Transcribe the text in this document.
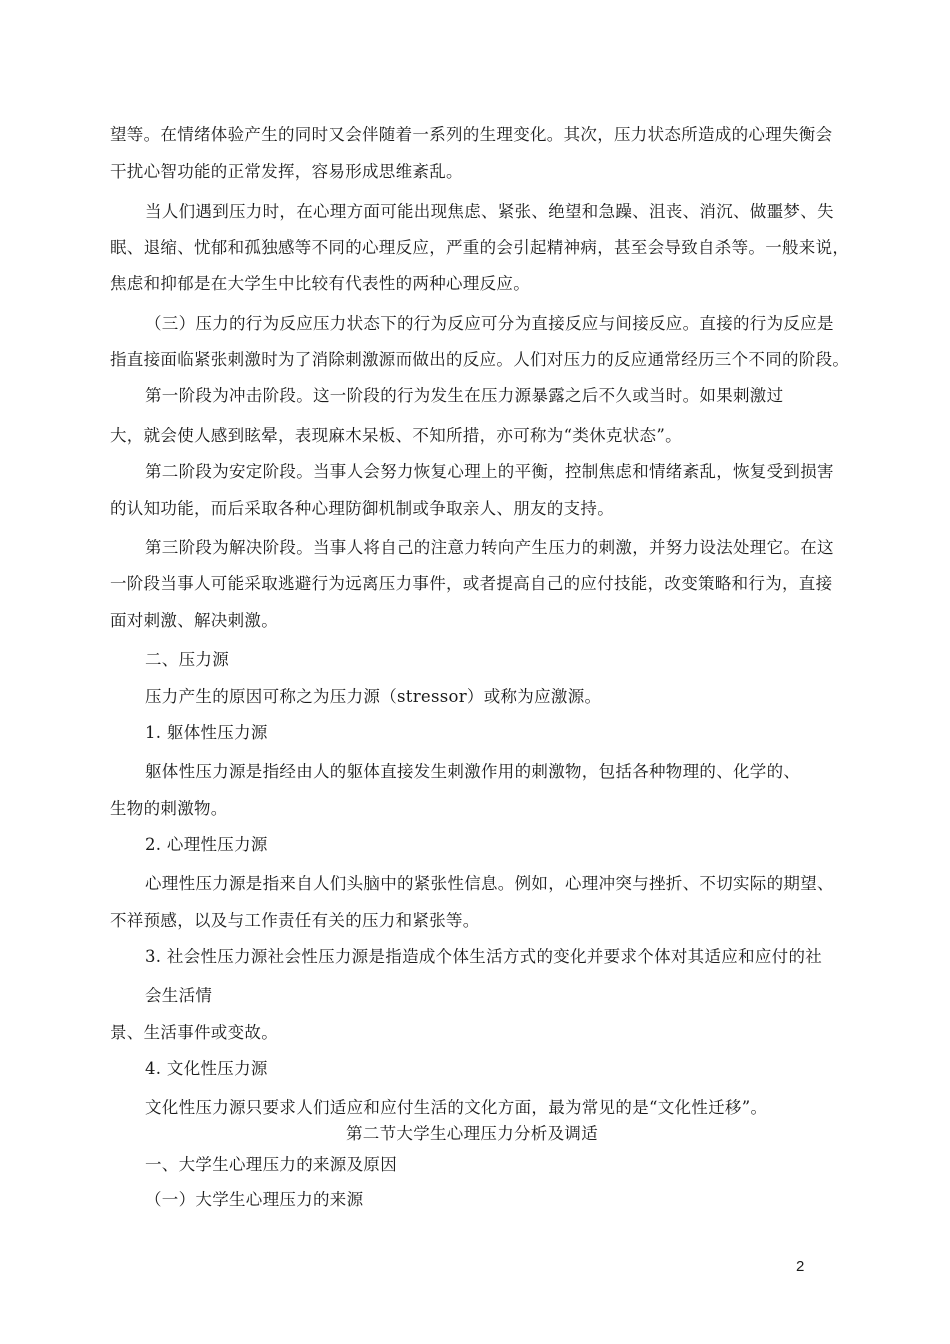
望等。在情绪体验产生的同时又会伴随着一系列的生理变化。其次，压力状态所造成的心理失衡会
干扰心智功能的正常发挥，容易形成思维紊乱。
当人们遇到压力时，在心理方面可能出现焦虑、紧张、绝望和急躁、沮丧、消沉、做噩梦、失
眠、退缩、忧郁和孤独感等不同的心理反应，严重的会引起精神病，甚至会导致自杀等。一般来说，
焦虑和抑郁是在大学生中比较有代表性的两种心理反应。
（三）压力的行为反应压力状态下的行为反应可分为直接反应与间接反应。直接的行为反应是
指直接面临紧张刺激时为了消除刺激源而做出的反应。人们对压力的反应通常经历三个不同的阶段。
第一阶段为冲击阶段。这一阶段的行为发生在压力源暴露之后不久或当时。如果刺激过
大，就会使人感到眩晕，表现麻木呆板、不知所措，亦可称为“类休克状态”。
第二阶段为安定阶段。当事人会努力恢复心理上的平衡，控制焦虑和情绪紊乱，恢复受到损害
的认知功能，而后采取各种心理防御机制或争取亲人、朋友的支持。
第三阶段为解决阶段。当事人将自己的注意力转向产生压力的刺激，并努力设法处理它。在这
一阶段当事人可能采取逃避行为远离压力事件，或者提高自己的应付技能，改变策略和行为，直接
面对刺激、解决刺激。
二、压力源
压力产生的原因可称之为压力源（stressor）或称为应激源。
1. 躯体性压力源
躯体性压力源是指经由人的躯体直接发生刺激作用的刺激物，包括各种物理的、化学的、
生物的刺激物。
2. 心理性压力源
心理性压力源是指来自人们头脑中的紧张性信息。例如，心理冲突与挫折、不切实际的期望、
不祥预感，以及与工作责任有关的压力和紧张等。
3. 社会性压力源社会性压力源是指造成个体生活方式的变化并要求个体对其适应和应付的社
会生活情
景、生活事件或变故。
4. 文化性压力源
文化性压力源只要求人们适应和应付生活的文化方面，最为常见的是“文化性迁移”。
第二节大学生心理压力分析及调适
一、大学生心理压力的来源及原因
（一）大学生心理压力的来源
2
